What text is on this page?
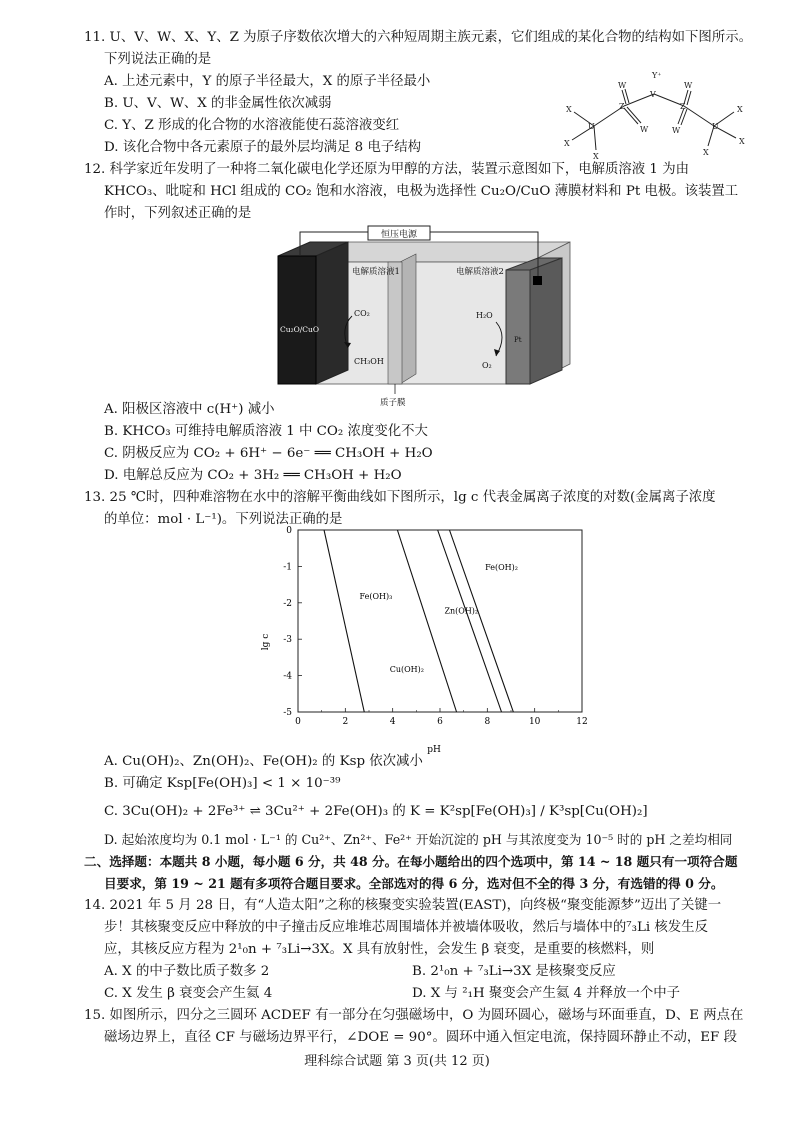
11. U、V、W、X、Y、Z 为原子序数依次增大的六种短周期主族元素，它们组成的某化合物的结构如下图所示。
下列说法正确的是
A. 上述元素中，Y 的原子半径最大，X 的原子半径最小
B. U、V、W、X 的非金属性依次减弱
C. Y、Z 形成的化合物的水溶液能使石蕊溶液变红
D. 该化合物中各元素原子的最外层均满足 8 电子结构
U
Z
V
Z
U
Y⁺
W
W
W
W
X
X
X
X
X
X
12. 科学家近年发明了一种将二氧化碳电化学还原为甲醇的方法，装置示意图如下，电解质溶液 1 为由
KHCO₃、吡啶和 HCl 组成的 CO₂ 饱和水溶液，电极为选择性 Cu₂O/CuO 薄膜材料和 Pt 电极。该装置工
作时，下列叙述正确的是
恒压电源
电解质溶液1	电解质溶液2
Cu₂O/CuO
CO₂
CH₃OH
H₂O
O₂
Pt
质子膜
A. 阳极区溶液中 c(H⁺) 减小
B. KHCO₃ 可维持电解质溶液 1 中 CO₂ 浓度变化不大
C. 阴极反应为 CO₂ + 6H⁺ − 6e⁻ ══ CH₃OH + H₂O
D. 电解总反应为 CO₂ + 3H₂ ══ CH₃OH + H₂O
13. 25 ℃时，四种难溶物在水中的溶解平衡曲线如下图所示，lg c 代表金属离子浓度的对数(金属离子浓度
的单位：mol · L⁻¹)。下列说法正确的是
0	2	4	6	8	10	12
0
-1
-2
-3
-4
-5
Fe(OH)₃
Cu(OH)₂
Zn(OH)₂
Fe(OH)₂
lg c
pH
A. Cu(OH)₂、Zn(OH)₂、Fe(OH)₂ 的 Ksp 依次减小
B. 可确定 Ksp[Fe(OH)₃] < 1 × 10⁻³⁹
C. 3Cu(OH)₂ + 2Fe³⁺ ⇌ 3Cu²⁺ + 2Fe(OH)₃ 的 K = K²sp[Fe(OH)₃] / K³sp[Cu(OH)₂]
D. 起始浓度均为 0.1 mol · L⁻¹ 的 Cu²⁺、Zn²⁺、Fe²⁺ 开始沉淀的 pH 与其浓度变为 10⁻⁵ 时的 pH 之差均相同
二、选择题：本题共 8 小题，每小题 6 分，共 48 分。在每小题给出的四个选项中，第 14 ~ 18 题只有一项符合题
目要求，第 19 ~ 21 题有多项符合题目要求。全部选对的得 6 分，选对但不全的得 3 分，有选错的得 0 分。
14. 2021 年 5 月 28 日，有“人造太阳”之称的核聚变实验装置(EAST)，向终极“聚变能源梦”迈出了关键一
步！其核聚变反应中释放的中子撞击反应堆堆芯周围墙体并被墙体吸收，然后与墙体中的⁷₃Li 核发生反
应，其核反应方程为 2¹₀n + ⁷₃Li→3X。X 具有放射性，会发生 β 衰变，是重要的核燃料，则
A. X 的中子数比质子数多 2	B. 2¹₀n + ⁷₃Li→3X 是核聚变反应
C. X 发生 β 衰变会产生氦 4	D. X 与 ²₁H 聚变会产生氦 4 并释放一个中子
15. 如图所示，四分之三圆环 ACDEF 有一部分在匀强磁场中，O 为圆环圆心，磁场与环面垂直，D、E 两点在
磁场边界上，直径 CF 与磁场边界平行，∠DOE = 90°。圆环中通入恒定电流，保持圆环静止不动，EF 段
理科综合试题 第 3 页(共 12 页)
